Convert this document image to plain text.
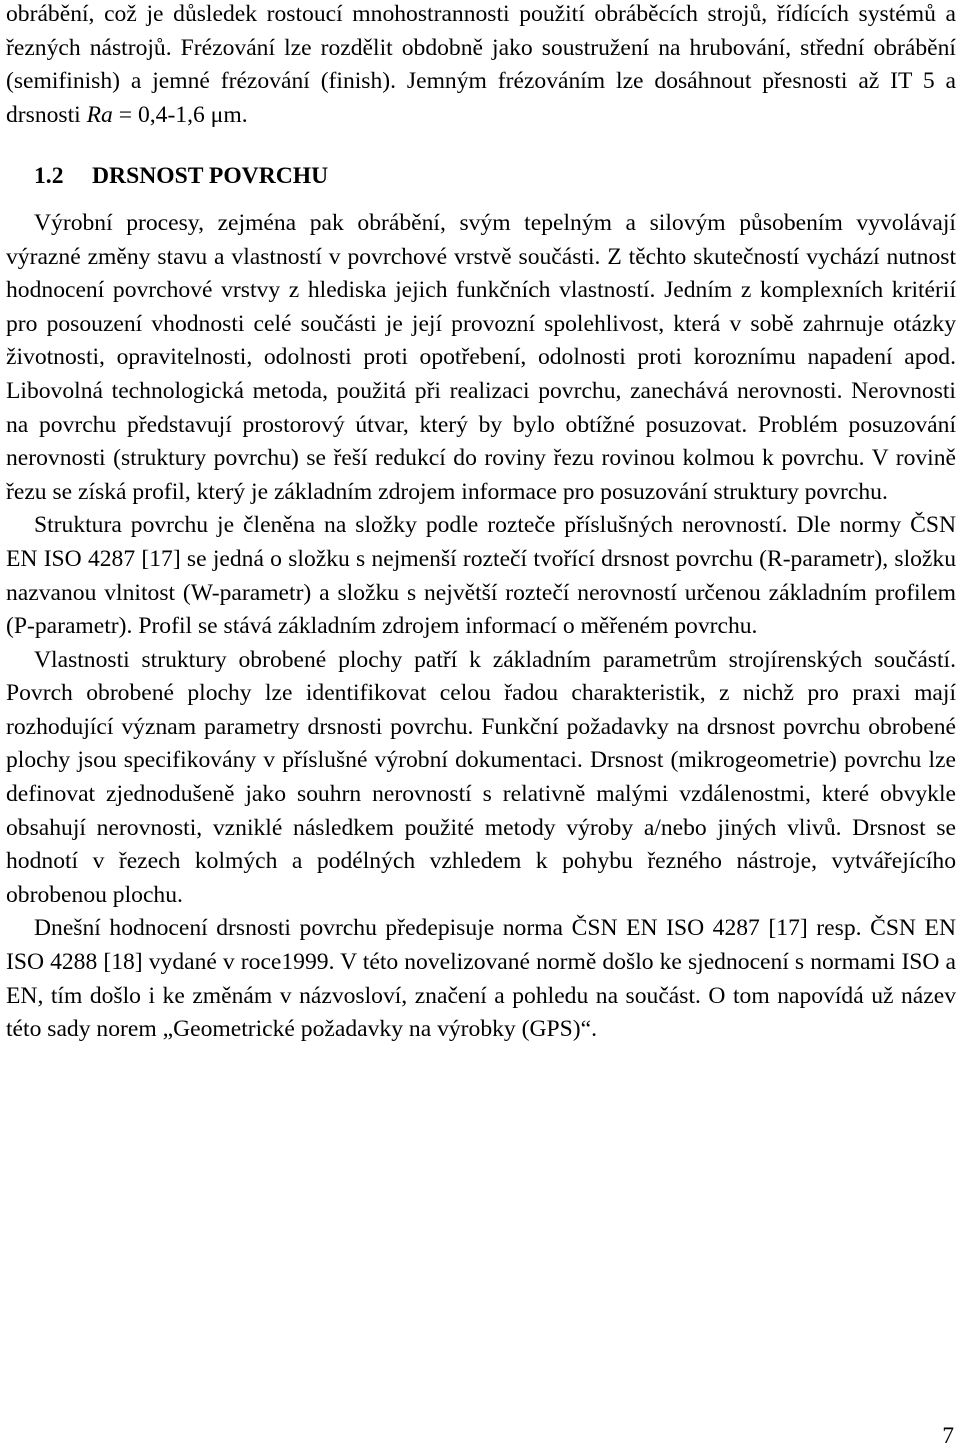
obrábění, což je důsledek rostoucí mnohostrannosti použití obráběcích strojů, řídících systémů a řezných nástrojů. Frézování lze rozdělit obdobně jako soustružení na hrubování, střední obrábění (semifinish) a jemné frézování (finish). Jemným frézováním lze dosáhnout přesnosti až IT 5 a drsnosti Ra = 0,4-1,6 μm.

1.2 DRSNOST POVRCHU

Výrobní procesy, zejména pak obrábění, svým tepelným a silovým působením vyvolávají výrazné změny stavu a vlastností v povrchové vrstvě součásti. Z těchto skutečností vychází nutnost hodnocení povrchové vrstvy z hlediska jejich funkčních vlastností. Jedním z komplexních kritérií pro posouzení vhodnosti celé součásti je její provozní spolehlivost, která v sobě zahrnuje otázky životnosti, opravitelnosti, odolnosti proti opotřebení, odolnosti proti koroznímu napadení apod. Libovolná technologická metoda, použitá při realizaci povrchu, zanechává nerovnosti. Nerovnosti na povrchu představují prostorový útvar, který by bylo obtížné posuzovat. Problém posuzování nerovnosti (struktury povrchu) se řeší redukcí do roviny řezu rovinou kolmou k povrchu. V rovině řezu se získá profil, který je základním zdrojem informace pro posuzování struktury povrchu.

Struktura povrchu je členěna na složky podle rozteče příslušných nerovností. Dle normy ČSN EN ISO 4287 [17] se jedná o složku s nejmenší roztečí tvořící drsnost povrchu (R-parametr), složku nazvanou vlnitost (W-parametr) a složku s největší roztečí nerovností určenou základním profilem (P-parametr). Profil se stává základním zdrojem informací o měřeném povrchu.

Vlastnosti struktury obrobené plochy patří k základním parametrům strojírenských součástí. Povrch obrobené plochy lze identifikovat celou řadou charakteristik, z nichž pro praxi mají rozhodující význam parametry drsnosti povrchu. Funkční požadavky na drsnost povrchu obrobené plochy jsou specifikovány v příslušné výrobní dokumentaci. Drsnost (mikrogeometrie) povrchu lze definovat zjednodušeně jako souhrn nerovností s relativně malými vzdálenostmi, které obvykle obsahují nerovnosti, vzniklé následkem použité metody výroby a/nebo jiných vlivů. Drsnost se hodnotí v řezech kolmých a podélných vzhledem k pohybu řezného nástroje, vytvářejícího obrobenou plochu.

Dnešní hodnocení drsnosti povrchu předepisuje norma ČSN EN ISO 4287 [17] resp. ČSN EN ISO 4288 [18] vydané v roce1999. V této novelizované normě došlo ke sjednocení s normami ISO a EN, tím došlo i ke změnám v názvosloví, značení a pohledu na součást. O tom napovídá už název této sady norem „Geometrické požadavky na výrobky (GPS)“.

7
